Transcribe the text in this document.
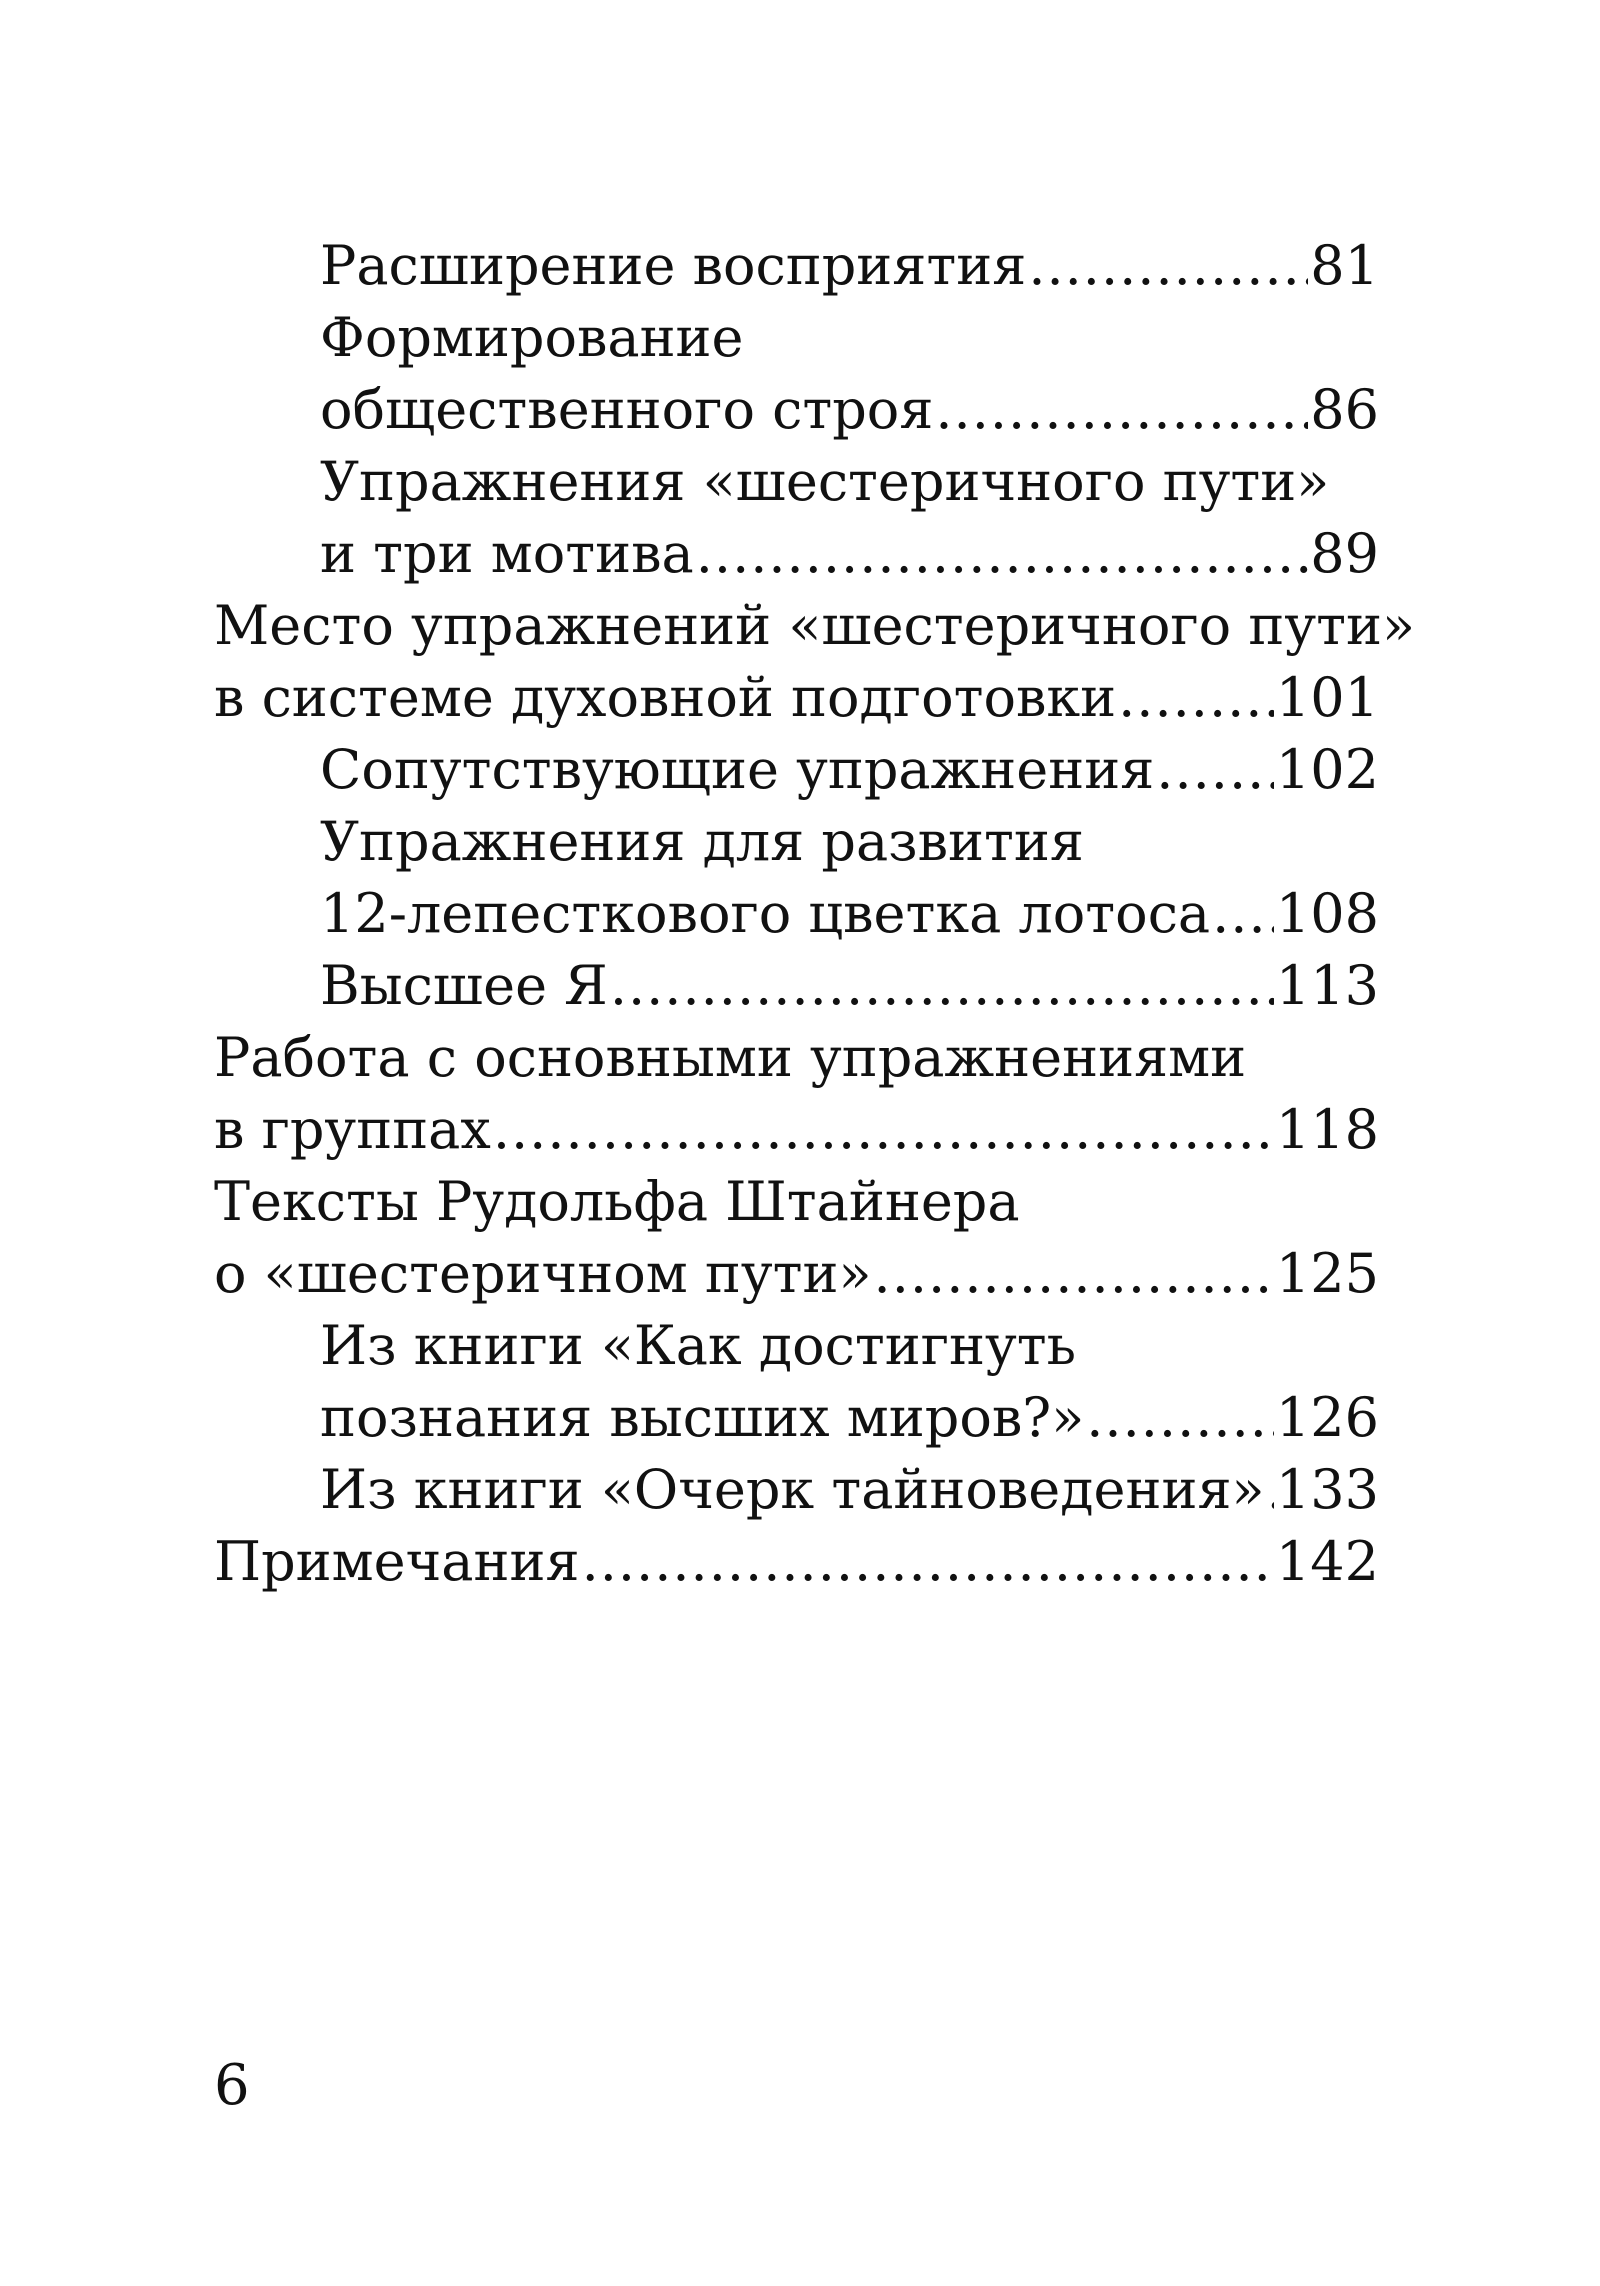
Расширение восприятия .....	81
Формирование
общественного строя .....	86
Упражнения «шестеричного пути»
и три мотива .....	89
Место упражнений «шестеричного пути»
в системе духовной подготовки .....	101
Сопутствующие упражнения ..... 102
Упражнения для развития
12-лепесткового цветка лотоса ..... 108
Высшее Я .....	113
Работа с основными упражнениями
в группах .....	118
Тексты Рудольфа Штайнера
о «шестеричном пути» .....	125
Из книги «Как достигнуть
познания высших миров?» .....	126
Из книги «Очерк тайноведения» ..... 133
Примечания .....	142
6
